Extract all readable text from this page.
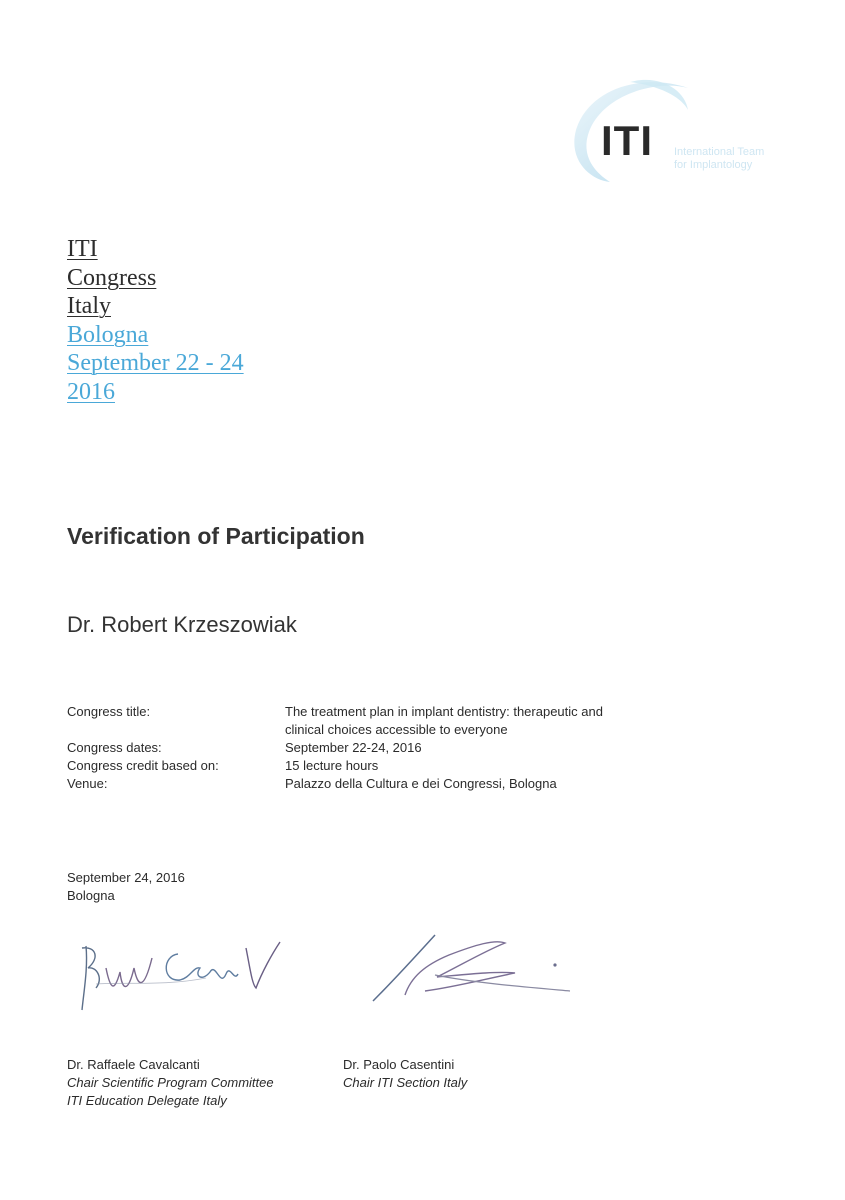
ITI International Team
for Implantology
ITI
Congress
Italy
Bologna
September 22 - 24
2016
Verification of Participation
Dr. Robert Krzeszowiak
Congress title:	The treatment plan in implant dentistry: therapeutic and clinical choices accessible to everyone
Congress dates:	September 22-24, 2016
Congress credit based on:	15 lecture hours
Venue:	Palazzo della Cultura e dei Congressi, Bologna
September 24, 2016
Bologna
Dr. Raffaele Cavalcanti
Chair Scientific Program Committee
ITI Education Delegate Italy
Dr. Paolo Casentini
Chair ITI Section Italy
